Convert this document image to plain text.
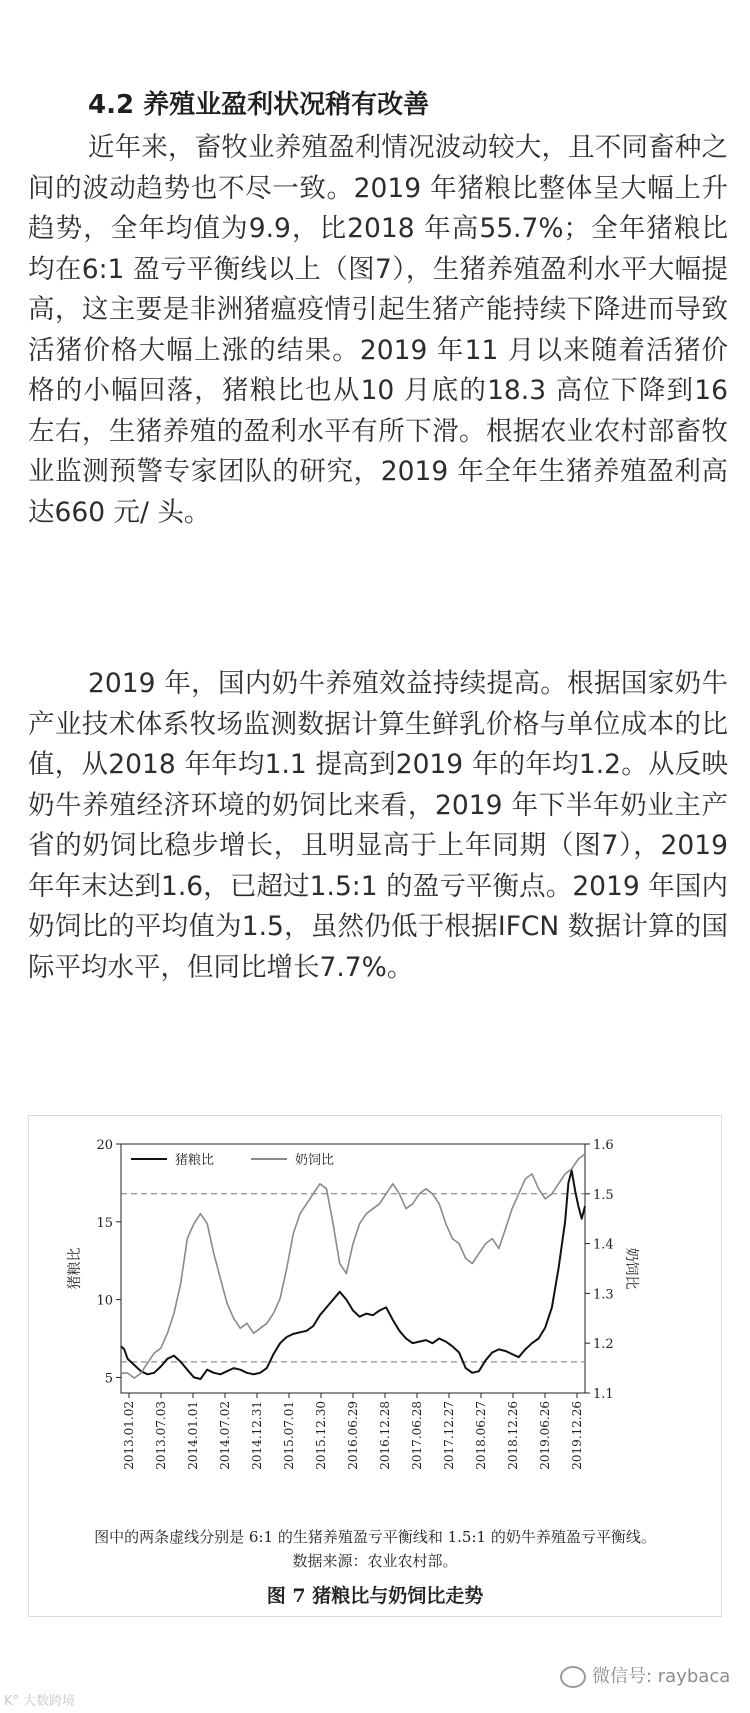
4.2 养殖业盈利状况稍有改善

近年来，畜牧业养殖盈利情况波动较大，且不同畜种之间的波动趋势也不尽一致。2019 年猪粮比整体呈大幅上升趋势，全年均值为9.9，比2018 年高55.7%；全年猪粮比均在6:1 盈亏平衡线以上（图7），生猪养殖盈利水平大幅提高，这主要是非洲猪瘟疫情引起生猪产能持续下降进而导致活猪价格大幅上涨的结果。2019 年11 月以来随着活猪价格的小幅回落，猪粮比也从10 月底的18.3 高位下降到16 左右，生猪养殖的盈利水平有所下滑。根据农业农村部畜牧业监测预警专家团队的研究，2019 年全年生猪养殖盈利高达660 元/ 头。

2019 年，国内奶牛养殖效益持续提高。根据国家奶牛产业技术体系牧场监测数据计算生鲜乳价格与单位成本的比值，从2018 年年均1.1 提高到2019 年的年均1.2。从反映奶牛养殖经济环境的奶饲比来看，2019 年下半年奶业主产省的奶饲比稳步增长，且明显高于上年同期（图7），2019 年年末达到1.6，已超过1.5:1 的盈亏平衡点。2019 年国内奶饲比的平均值为1.5，虽然仍低于根据IFCN 数据计算的国际平均水平，但同比增长7.7%。

5
10
15
20
1.1
1.2
1.3
1.4
1.5
1.6
2013.01.02 2013.07.03 2014.01.01 2014.07.02 2014.12.31 2015.07.01 2015.12.30 2016.06.29 2016.12.28 2017.06.28 2017.12.27 2018.06.27 2018.12.26 2019.06.26 2019.12.26
猪粮比	奶饲比
猪粮比	奶饲比
图中的两条虚线分别是 6:1 的生猪养殖盈亏平衡线和 1.5:1 的奶牛养殖盈亏平衡线。
数据来源：农业农村部。
图 7 猪粮比与奶饲比走势
K° 大数跨境
微信号: raybaca
